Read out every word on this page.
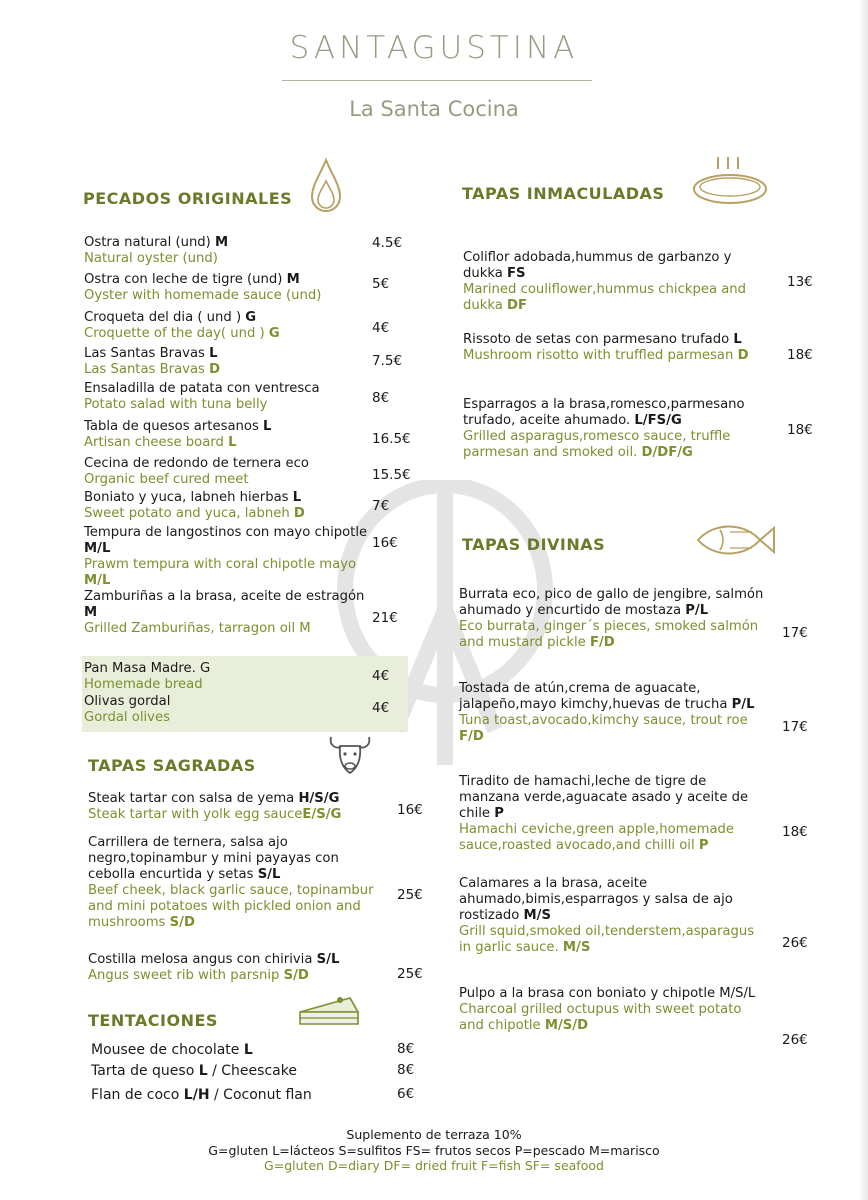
SANTAGUSTINA
La Santa Cocina
PECADOS ORIGINALES
Ostra natural (und) M
Natural oyster (und)
4.5€
Ostra con leche de tigre (und) M
Oyster with homemade sauce (und)
5€
Croqueta del dia ( und ) G
Croquette of the day( und ) G	4€
Las Santas Bravas L
Las Santas Bravas D
7.5€
Ensaladilla de patata con ventresca
Potato salad with tuna belly	8€
Tabla de quesos artesanos L
Artisan cheese board L	16.5€
Cecina de redondo de ternera eco
Organic beef cured meet	15.5€
Boniato y yuca, labneh hierbas L
Sweet potato and yuca, labneh D	7€
Tempura de langostinos con mayo chipotle M/L
Prawm tempura with coral chipotle mayo M/L
16€
Zamburiñas a la brasa, aceite de estragón M
Grilled Zamburiñas, tarragon oil M
21€
Pan Masa Madre. G
Homemade bread
4€
Olivas gordal
Gordal olives
4€
TAPAS SAGRADAS
Steak tartar con salsa de yema H/S/G
Steak tartar with yolk egg sauceE/S/G	16€
Carrillera de ternera, salsa ajo negro,topinambur y mini payayas con cebolla encurtida y setas S/L
Beef cheek, black garlic sauce, topinambur and mini potatoes with pickled onion and mushrooms S/D
25€
Costilla melosa angus con chirivia S/L
Angus sweet rib with parsnip S/D	25€
TENTACIONES
Mousee de chocolate L	8€
Tarta de queso L / Cheescake	8€
Flan de coco L/H / Coconut flan	6€
TAPAS INMACULADAS
Coliflor adobada,hummus de garbanzo y dukka FS
Marined couliflower,hummus chickpea and dukka DF
13€
Rissoto de setas con parmesano trufado L
Mushroom risotto with truffled parmesan D	18€
Esparragos a la brasa,romesco,parmesano trufado, aceite ahumado. L/FS/G
Grilled asparagus,romesco sauce, truffle parmesan and smoked oil. D/DF/G
18€
TAPAS DIVINAS
Burrata eco, pico de gallo de jengibre, salmón ahumado y encurtido de mostaza P/L
Eco burrata, ginger´s pieces, smoked salmón and mustard pickle F/D
17€
Tostada de atún,crema de aguacate, jalapeño,mayo kimchy,huevas de trucha P/L
Tuna toast,avocado,kimchy sauce, trout roe F/D
17€
Tiradito de hamachi,leche de tigre de manzana verde,aguacate asado y aceite de chile P
Hamachi ceviche,green apple,homemade sauce,roasted avocado,and chilli oil P
18€
Calamares a la brasa, aceite ahumado,bimis,esparragos y salsa de ajo rostizado M/S
Grill squid,smoked oil,tenderstem,asparagus in garlic sauce. M/S	26€
Pulpo a la brasa con boniato y chipotle M/S/L
Charcoal grilled octupus with sweet potato and chipotle M/S/D
26€
Suplemento de terraza 10%
G=gluten L=lácteos S=sulfitos FS= frutos secos P=pescado M=marisco
G=gluten D=diary DF= dried fruit F=fish SF= seafood
